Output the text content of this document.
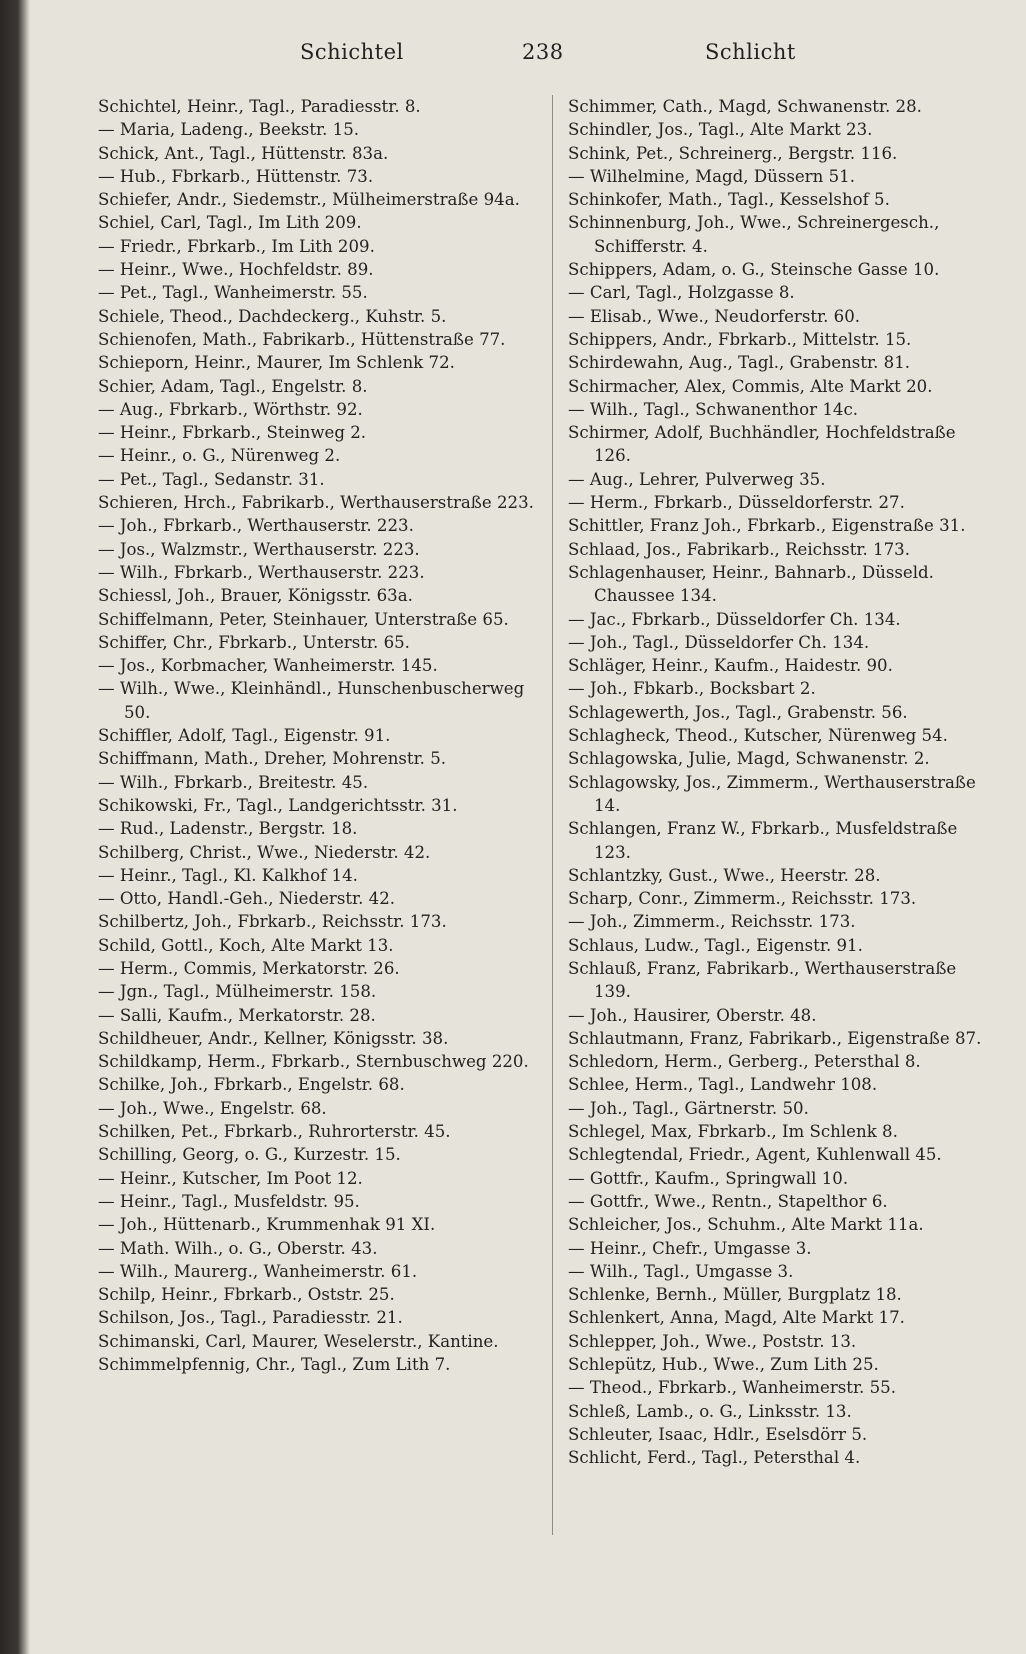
Schichtel	238	Schlicht
Schichtel, Heinr., Tagl., Paradiesstr. 8.
— Maria, Ladeng., Beekstr. 15.
Schick, Ant., Tagl., Hüttenstr. 83a.
— Hub., Fbrkarb., Hüttenstr. 73.
Schiefer, Andr., Siedemstr., Mülheimerstraße 94a.
Schiel, Carl, Tagl., Im Lith 209.
— Friedr., Fbrkarb., Im Lith 209.
— Heinr., Wwe., Hochfeldstr. 89.
— Pet., Tagl., Wanheimerstr. 55.
Schiele, Theod., Dachdeckerg., Kuhstr. 5.
Schienofen, Math., Fabrikarb., Hüttenstraße 77.
Schieporn, Heinr., Maurer, Im Schlenk 72.
Schier, Adam, Tagl., Engelstr. 8.
— Aug., Fbrkarb., Wörthstr. 92.
— Heinr., Fbrkarb., Steinweg 2.
— Heinr., o. G., Nürenweg 2.
— Pet., Tagl., Sedanstr. 31.
Schieren, Hrch., Fabrikarb., Werthauserstraße 223.
— Joh., Fbrkarb., Werthauserstr. 223.
— Jos., Walzmstr., Werthauserstr. 223.
— Wilh., Fbrkarb., Werthauserstr. 223.
Schiessl, Joh., Brauer, Königsstr. 63a.
Schiffelmann, Peter, Steinhauer, Unterstraße 65.
Schiffer, Chr., Fbrkarb., Unterstr. 65.
— Jos., Korbmacher, Wanheimerstr. 145.
— Wilh., Wwe., Kleinhändl., Hunschenbuscherweg 50.
Schiffler, Adolf, Tagl., Eigenstr. 91.
Schiffmann, Math., Dreher, Mohrenstr. 5.
— Wilh., Fbrkarb., Breitestr. 45.
Schikowski, Fr., Tagl., Landgerichtsstr. 31.
— Rud., Ladenstr., Bergstr. 18.
Schilberg, Christ., Wwe., Niederstr. 42.
— Heinr., Tagl., Kl. Kalkhof 14.
— Otto, Handl.-Geh., Niederstr. 42.
Schilbertz, Joh., Fbrkarb., Reichsstr. 173.
Schild, Gottl., Koch, Alte Markt 13.
— Herm., Commis, Merkatorstr. 26.
— Jgn., Tagl., Mülheimerstr. 158.
— Salli, Kaufm., Merkatorstr. 28.
Schildheuer, Andr., Kellner, Königsstr. 38.
Schildkamp, Herm., Fbrkarb., Sternbuschweg 220.
Schilke, Joh., Fbrkarb., Engelstr. 68.
— Joh., Wwe., Engelstr. 68.
Schilken, Pet., Fbrkarb., Ruhrorterstr. 45.
Schilling, Georg, o. G., Kurzestr. 15.
— Heinr., Kutscher, Im Poot 12.
— Heinr., Tagl., Musfeldstr. 95.
— Joh., Hüttenarb., Krummenhak 91 XI.
— Math. Wilh., o. G., Oberstr. 43.
— Wilh., Maurerg., Wanheimerstr. 61.
Schilp, Heinr., Fbrkarb., Oststr. 25.
Schilson, Jos., Tagl., Paradiesstr. 21.
Schimanski, Carl, Maurer, Weselerstr., Kantine.
Schimmelpfennig, Chr., Tagl., Zum Lith 7.
Schimmer, Cath., Magd, Schwanenstr. 28.
Schindler, Jos., Tagl., Alte Markt 23.
Schink, Pet., Schreinerg., Bergstr. 116.
— Wilhelmine, Magd, Düssern 51.
Schinkofer, Math., Tagl., Kesselshof 5.
Schinnenburg, Joh., Wwe., Schreinergesch., Schifferstr. 4.
Schippers, Adam, o. G., Steinsche Gasse 10.
— Carl, Tagl., Holzgasse 8.
— Elisab., Wwe., Neudorferstr. 60.
Schippers, Andr., Fbrkarb., Mittelstr. 15.
Schirdewahn, Aug., Tagl., Grabenstr. 81.
Schirmacher, Alex, Commis, Alte Markt 20.
— Wilh., Tagl., Schwanenthor 14c.
Schirmer, Adolf, Buchhändler, Hochfeldstraße 126.
— Aug., Lehrer, Pulverweg 35.
— Herm., Fbrkarb., Düsseldorferstr. 27.
Schittler, Franz Joh., Fbrkarb., Eigenstraße 31.
Schlaad, Jos., Fabrikarb., Reichsstr. 173.
Schlagenhauser, Heinr., Bahnarb., Düsseld. Chaussee 134.
— Jac., Fbrkarb., Düsseldorfer Ch. 134.
— Joh., Tagl., Düsseldorfer Ch. 134.
Schläger, Heinr., Kaufm., Haidestr. 90.
— Joh., Fbkarb., Bocksbart 2.
Schlagewerth, Jos., Tagl., Grabenstr. 56.
Schlagheck, Theod., Kutscher, Nürenweg 54.
Schlagowska, Julie, Magd, Schwanenstr. 2.
Schlagowsky, Jos., Zimmerm., Werthauserstraße 14.
Schlangen, Franz W., Fbrkarb., Musfeldstraße 123.
Schlantzky, Gust., Wwe., Heerstr. 28.
Scharp, Conr., Zimmerm., Reichsstr. 173.
— Joh., Zimmerm., Reichsstr. 173.
Schlaus, Ludw., Tagl., Eigenstr. 91.
Schlauß, Franz, Fabrikarb., Werthauserstraße 139.
— Joh., Hausirer, Oberstr. 48.
Schlautmann, Franz, Fabrikarb., Eigenstraße 87.
Schledorn, Herm., Gerberg., Petersthal 8.
Schlee, Herm., Tagl., Landwehr 108.
— Joh., Tagl., Gärtnerstr. 50.
Schlegel, Max, Fbrkarb., Im Schlenk 8.
Schlegtendal, Friedr., Agent, Kuhlenwall 45.
— Gottfr., Kaufm., Springwall 10.
— Gottfr., Wwe., Rentn., Stapelthor 6.
Schleicher, Jos., Schuhm., Alte Markt 11a.
— Heinr., Chefr., Umgasse 3.
— Wilh., Tagl., Umgasse 3.
Schlenke, Bernh., Müller, Burgplatz 18.
Schlenkert, Anna, Magd, Alte Markt 17.
Schlepper, Joh., Wwe., Poststr. 13.
Schlepütz, Hub., Wwe., Zum Lith 25.
— Theod., Fbrkarb., Wanheimerstr. 55.
Schleß, Lamb., o. G., Linksstr. 13.
Schleuter, Isaac, Hdlr., Eselsdörr 5.
Schlicht, Ferd., Tagl., Petersthal 4.
